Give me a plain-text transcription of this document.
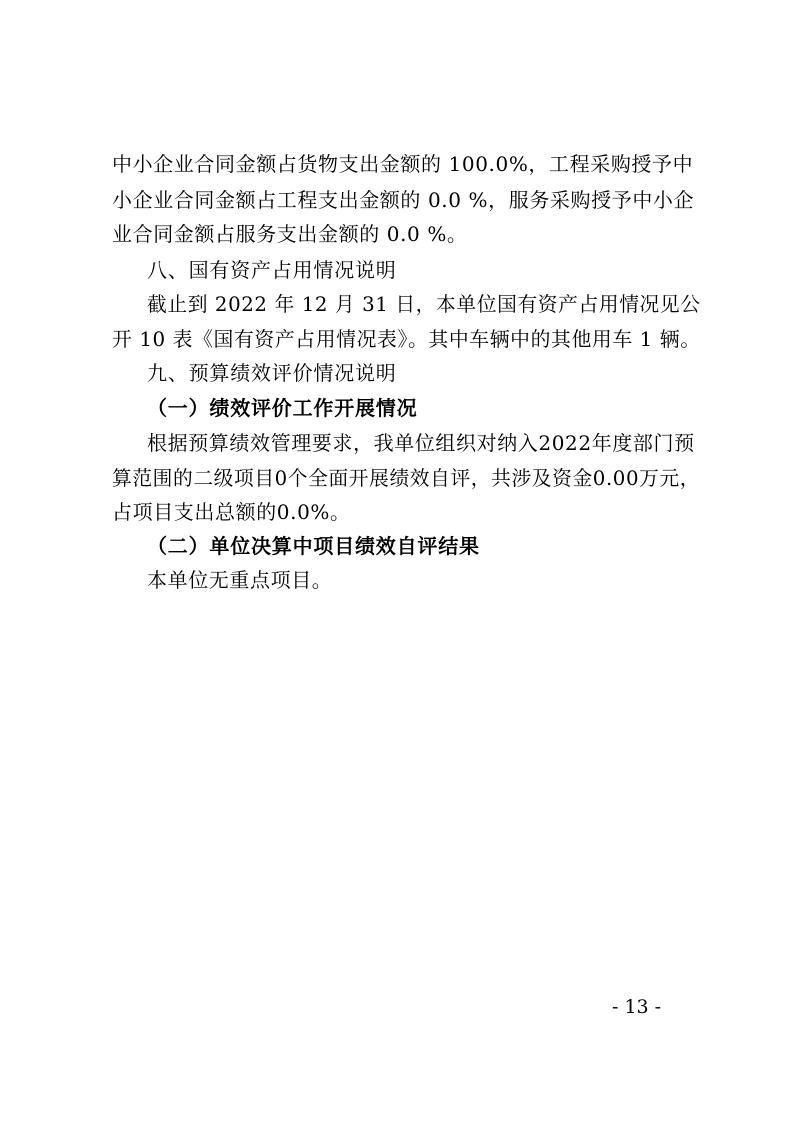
中小企业合同金额占货物支出金额的 100.0%，工程采购授予中
小企业合同金额占工程支出金额的 0.0 %，服务采购授予中小企
业合同金额占服务支出金额的 0.0 %。
八、国有资产占用情况说明
截止到 2022 年 12 月 31 日，本单位国有资产占用情况见公
开 10 表《国有资产占用情况表》。其中车辆中的其他用车 1 辆。
九、预算绩效评价情况说明
（一）绩效评价工作开展情况
根据预算绩效管理要求，我单位组织对纳入2022年度部门预
算范围的二级项目0个全面开展绩效自评，共涉及资金0.00万元，
占项目支出总额的0.0%。
（二）单位决算中项目绩效自评结果
本单位无重点项目。
- 13 -
